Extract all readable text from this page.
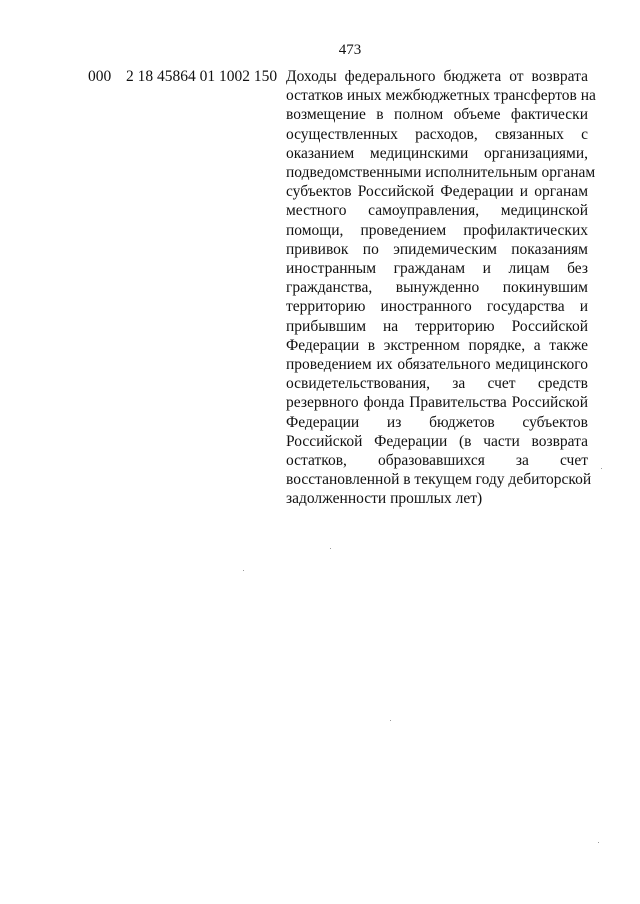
473
000 2 18 45864 01 1002 150 Доходы федерального бюджета от возврата
остатков иных межбюджетных трансфертов на
возмещение в полном объеме фактически
осуществленных расходов, связанных с
оказанием медицинскими организациями,
подведомственными исполнительным органам
субъектов Российской Федерации и органам
местного самоуправления, медицинской
помощи, проведением профилактических
прививок по эпидемическим показаниям
иностранным гражданам и лицам без
гражданства, вынужденно покинувшим
территорию иностранного государства и
прибывшим на территорию Российской
Федерации в экстренном порядке, а также
проведением их обязательного медицинского
освидетельствования, за счет средств
резервного фонда Правительства Российской
Федерации из бюджетов субъектов
Российской Федерации (в части возврата
остатков, образовавшихся за счет
восстановленной в текущем году дебиторской
задолженности прошлых лет)
